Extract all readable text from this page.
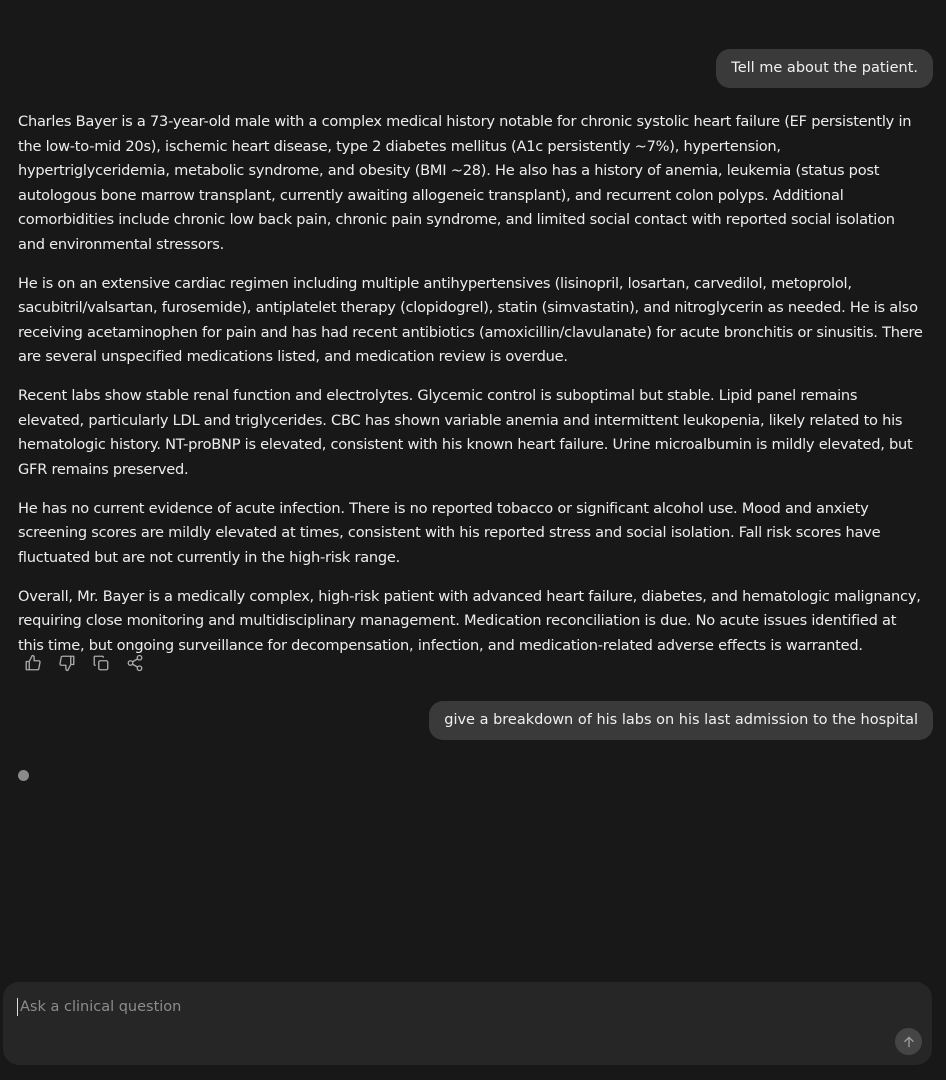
Tell me about the patient.

Charles Bayer is a 73-year-old male with a complex medical history notable for chronic systolic heart failure (EF persistently in the low-to-mid 20s), ischemic heart disease, type 2 diabetes mellitus (A1c persistently ~7%), hypertension, hypertriglyceridemia, metabolic syndrome, and obesity (BMI ~28). He also has a history of anemia, leukemia (status post autologous bone marrow transplant, currently awaiting allogeneic transplant), and recurrent colon polyps. Additional comorbidities include chronic low back pain, chronic pain syndrome, and limited social contact with reported social isolation and environmental stressors.

He is on an extensive cardiac regimen including multiple antihypertensives (lisinopril, losartan, carvedilol, metoprolol, sacubitril/valsartan, furosemide), antiplatelet therapy (clopidogrel), statin (simvastatin), and nitroglycerin as needed. He is also receiving acetaminophen for pain and has had recent antibiotics (amoxicillin/clavulanate) for acute bronchitis or sinusitis. There are several unspecified medications listed, and medication review is overdue.

Recent labs show stable renal function and electrolytes. Glycemic control is suboptimal but stable. Lipid panel remains elevated, particularly LDL and triglycerides. CBC has shown variable anemia and intermittent leukopenia, likely related to his hematologic history. NT-proBNP is elevated, consistent with his known heart failure. Urine microalbumin is mildly elevated, but GFR remains preserved.

He has no current evidence of acute infection. There is no reported tobacco or significant alcohol use. Mood and anxiety screening scores are mildly elevated at times, consistent with his reported stress and social isolation. Fall risk scores have fluctuated but are not currently in the high-risk range.

Overall, Mr. Bayer is a medically complex, high-risk patient with advanced heart failure, diabetes, and hematologic malignancy, requiring close monitoring and multidisciplinary management. Medication reconciliation is due. No acute issues identified at this time, but ongoing surveillance for decompensation, infection, and medication-related adverse effects is warranted.

give a breakdown of his labs on his last admission to the hospital
Ask a clinical question
